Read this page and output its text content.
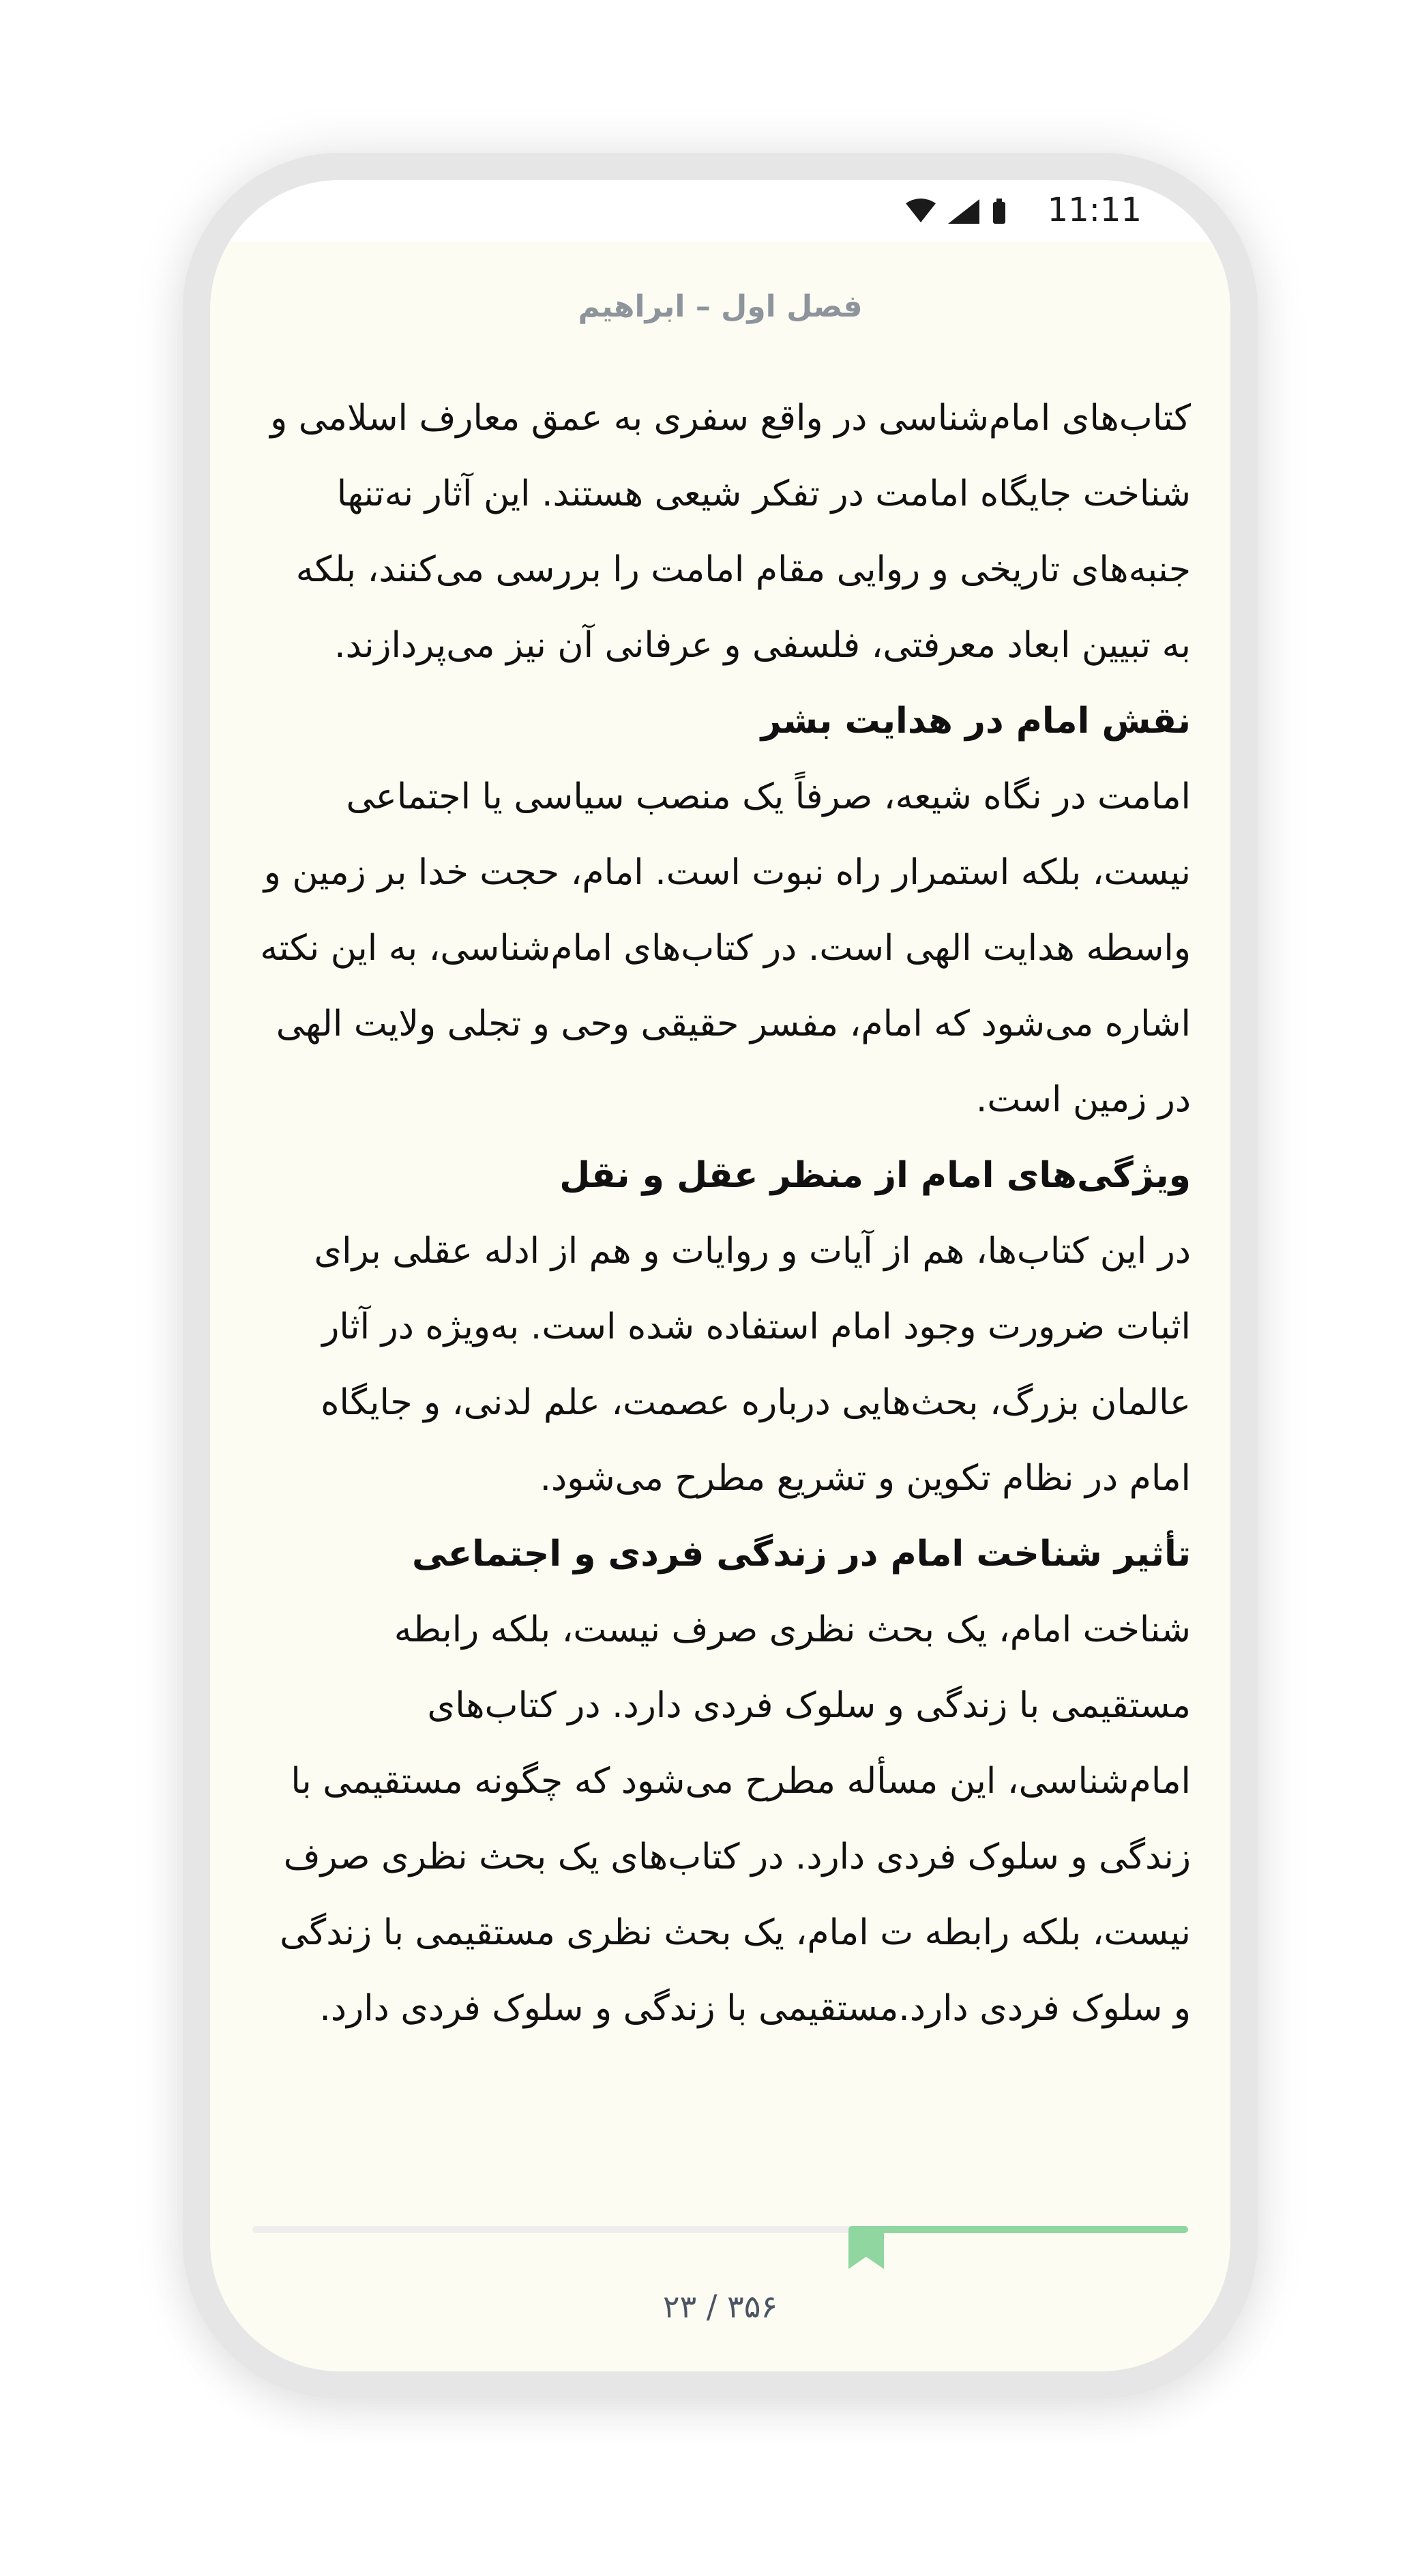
11:11
فصل اول – ابراهیم

کتاب‌های امام‌شناسی در واقع سفری به عمق معارف اسلامی و شناخت جایگاه امامت در تفکر شیعی هستند. این آثار نه‌تنها جنبه‌های تاریخی و روایی مقام امامت را بررسی می‌کنند، بلکه به تبیین ابعاد معرفتی، فلسفی و عرفانی آن نیز می‌پردازند.

نقش امام در هدایت بشر

امامت در نگاه شیعه، صرفاً یک منصب سیاسی یا اجتماعی نیست، بلکه استمرار راه نبوت است. امام، حجت خدا بر زمین و واسطه هدایت الهی است. در کتاب‌های امام‌شناسی، به این نکته اشاره می‌شود که امام، مفسر حقیقی وحی و تجلی ولایت الهی در زمین است.

ویژگی‌های امام از منظر عقل و نقل

در این کتاب‌ها، هم از آیات و روایات و هم از ادله عقلی برای اثبات ضرورت وجود امام استفاده شده است. به‌ویژه در آثار عالمان بزرگ، بحث‌هایی درباره عصمت، علم لدنی، و جایگاه امام در نظام تکوین و تشریع مطرح می‌شود.

تأثیر شناخت امام در زندگی فردی و اجتماعی

شناخت امام، یک بحث نظری صرف نیست، بلکه رابطه مستقیمی با زندگی و سلوک فردی دارد. در کتاب‌های امام‌شناسی، این مسأله مطرح می‌شود که چگونه مستقیمی با زندگی و سلوک فردی دارد. در کتاب‌های یک بحث نظری صرف نیست، بلکه رابطه ت امام، یک بحث نظری مستقیمی با زندگی و سلوک فردی دارد.مستقیمی با زندگی و سلوک فردی دارد.

۳۵۶ / ۲۳
